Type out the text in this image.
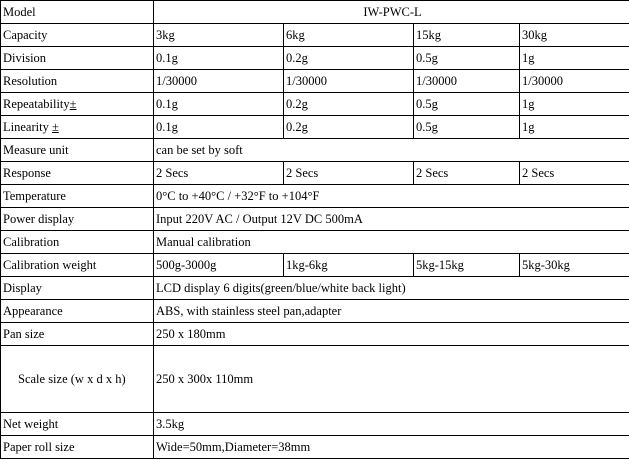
Model	IW-PWC-L			
Capacity	3kg	6kg	15kg	30kg
Division	0.1g	0.2g	0.5g	1g
Resolution	1/30000	1/30000	1/30000	1/30000
Repeatability±	0.1g	0.2g	0.5g	1g
Linearity ±	0.1g	0.2g	0.5g	1g
Measure unit	can be set by soft			
Response	2 Secs	2 Secs	2 Secs	2 Secs
Temperature	0°C to +40°C / +32°F to +104°F			
Power display	Input 220V AC / Output 12V DC 500mA			
Calibration	Manual calibration			
Calibration weight	500g-3000g	1kg-6kg	5kg-15kg	5kg-30kg
Display	LCD display 6 digits(green/blue/white back light)			
Appearance	ABS, with stainless steel pan,adapter			
Pan size	250 x 180mm			
Scale size (w x d x h)	250 x 300x 110mm			
Net weight	3.5kg			
Paper roll size	Wide=50mm,Diameter=38mm			
